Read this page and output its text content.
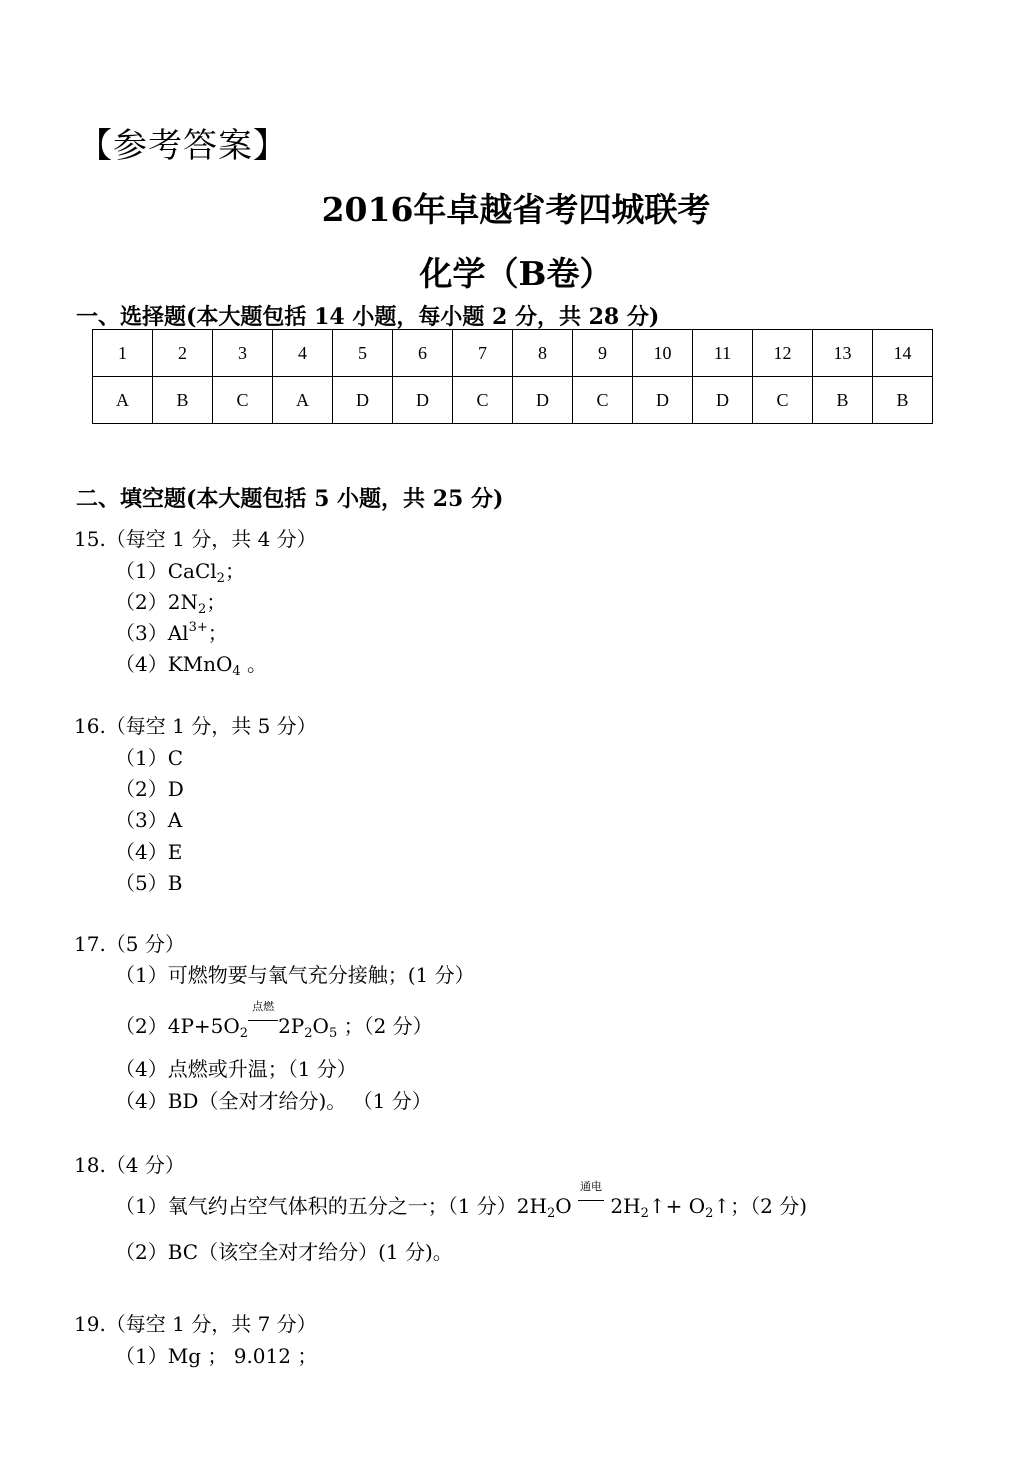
【参考答案】
2016年卓越省考四城联考
化学（B卷）
一、选择题(本大题包括 14 小题，每小题 2 分，共 28 分)
1	2	3	4	5	6	7	8	9	10	11	12	13	14
A	B	C	A	D	D	C	D	C	D	D	C	B	B
二、填空题(本大题包括 5 小题，共 25 分)
15.（每空 1 分，共 4 分）
（1）CaCl$_2$；
$(2)2N_2$；
$(3)Al^{3+}$；
（4）KMnO$_4$ 。
16.（每空 1 分，共 5 分）
（1）C
（2）D
（3）A
（4）E
（5）B
17.（5 分）
（1）可燃物要与氧气充分接触；(1 分）
$(2)4P+5O_2$
点燃
$2P_2O_5$ ；（2 分）
（4）点燃或升温；（1 分）
（4）BD（全对才给分)。 （1 分）
18.（4 分）
（1）氧气约占空气体积的五分之一；（1 分）$2H_2O$
通电
$2H_2↑+$ $O_2↑$；（2 分)
（2）BC（该空全对才给分）(1 分)。
19.（每空 1 分，共 7 分）
（1）Mg ； 9.012 ；
